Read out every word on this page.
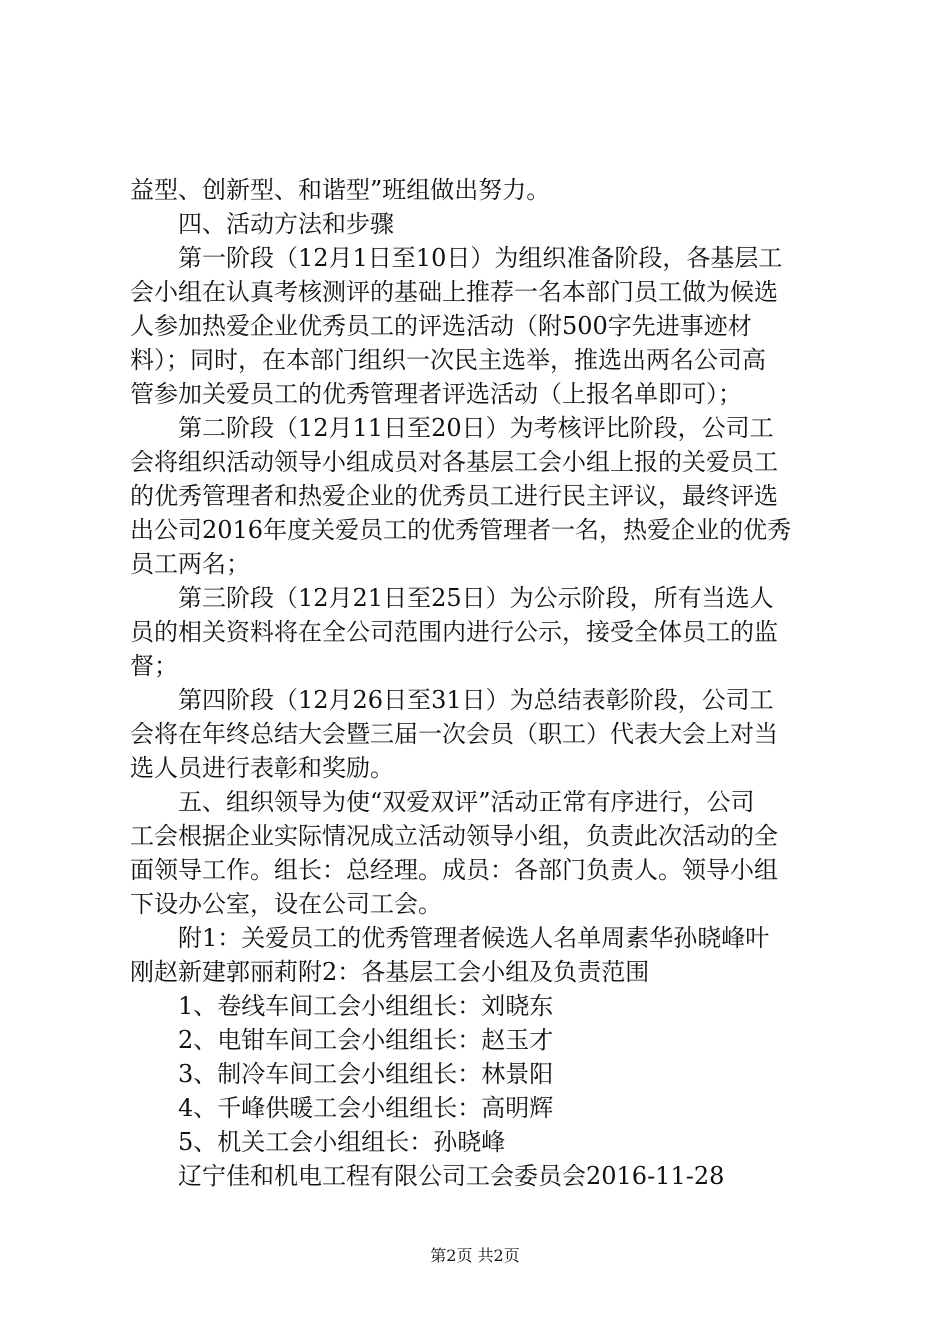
益型、创新型、和谐型”班组做出努力。
四、活动方法和步骤
第一阶段（12月1日至10日）为组织准备阶段，各基层工
会小组在认真考核测评的基础上推荐一名本部门员工做为候选
人参加热爱企业优秀员工的评选活动（附500字先进事迹材
料）；同时，在本部门组织一次民主选举，推选出两名公司高
管参加关爱员工的优秀管理者评选活动（上报名单即可）；
第二阶段（12月11日至20日）为考核评比阶段，公司工
会将组织活动领导小组成员对各基层工会小组上报的关爱员工
的优秀管理者和热爱企业的优秀员工进行民主评议，最终评选
出公司2016年度关爱员工的优秀管理者一名，热爱企业的优秀
员工两名；
第三阶段（12月21日至25日）为公示阶段，所有当选人
员的相关资料将在全公司范围内进行公示，接受全体员工的监
督；
第四阶段（12月26日至31日）为总结表彰阶段，公司工
会将在年终总结大会暨三届一次会员（职工）代表大会上对当
选人员进行表彰和奖励。
五、组织领导为使“双爱双评”活动正常有序进行，公司
工会根据企业实际情况成立活动领导小组，负责此次活动的全
面领导工作。组长：总经理。成员：各部门负责人。领导小组
下设办公室，设在公司工会。
附1：关爱员工的优秀管理者候选人名单周素华孙晓峰叶
刚赵新建郭丽莉附2：各基层工会小组及负责范围
1、卷线车间工会小组组长：刘晓东
2、电钳车间工会小组组长：赵玉才
3、制冷车间工会小组组长：林景阳
4、千峰供暖工会小组组长：高明辉
5、机关工会小组组长：孙晓峰
辽宁佳和机电工程有限公司工会委员会2016-11-28
第2页 共2页
